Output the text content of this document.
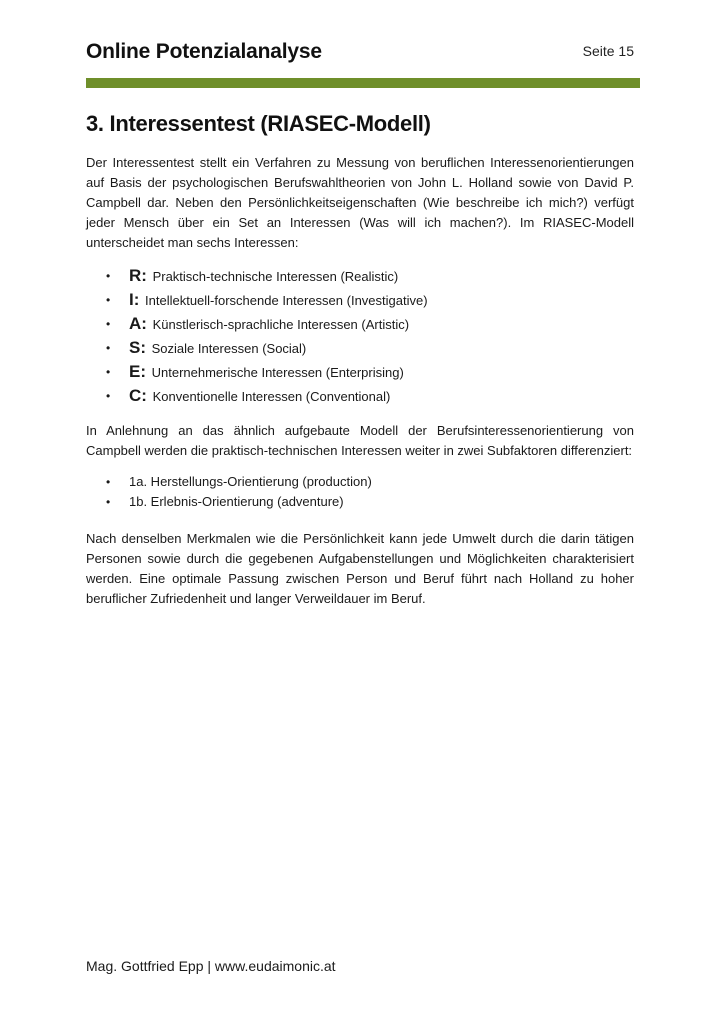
Online Potenzialanalyse	Seite 15
3. Interessentest (RIASEC-Modell)
Der Interessentest stellt ein Verfahren zu Messung von beruflichen Interessenorientierungen auf Basis der psychologischen Berufswahltheorien von John L. Holland sowie von David P. Campbell dar. Neben den Persönlichkeitseigenschaften (Wie beschreibe ich mich?) verfügt jeder Mensch über ein Set an Interessen (Was will ich machen?). Im RIASEC-Modell unterscheidet man sechs Interessen:
• R: Praktisch-technische Interessen (Realistic)
• I: Intellektuell-forschende Interessen (Investigative)
• A: Künstlerisch-sprachliche Interessen (Artistic)
• S: Soziale Interessen (Social)
• E: Unternehmerische Interessen (Enterprising)
• C: Konventionelle Interessen (Conventional)
In Anlehnung an das ähnlich aufgebaute Modell der Berufsinteressenorientierung von Campbell werden die praktisch-technischen Interessen weiter in zwei Subfaktoren differenziert:
• 1a. Herstellungs-Orientierung (production)
• 1b. Erlebnis-Orientierung (adventure)
Nach denselben Merkmalen wie die Persönlichkeit kann jede Umwelt durch die darin tätigen Personen sowie durch die gegebenen Aufgabenstellungen und Möglichkeiten charakterisiert werden. Eine optimale Passung zwischen Person und Beruf führt nach Holland zu hoher beruflicher Zufriedenheit und langer Verweildauer im Beruf.
Mag. Gottfried Epp | www.eudaimonic.at
